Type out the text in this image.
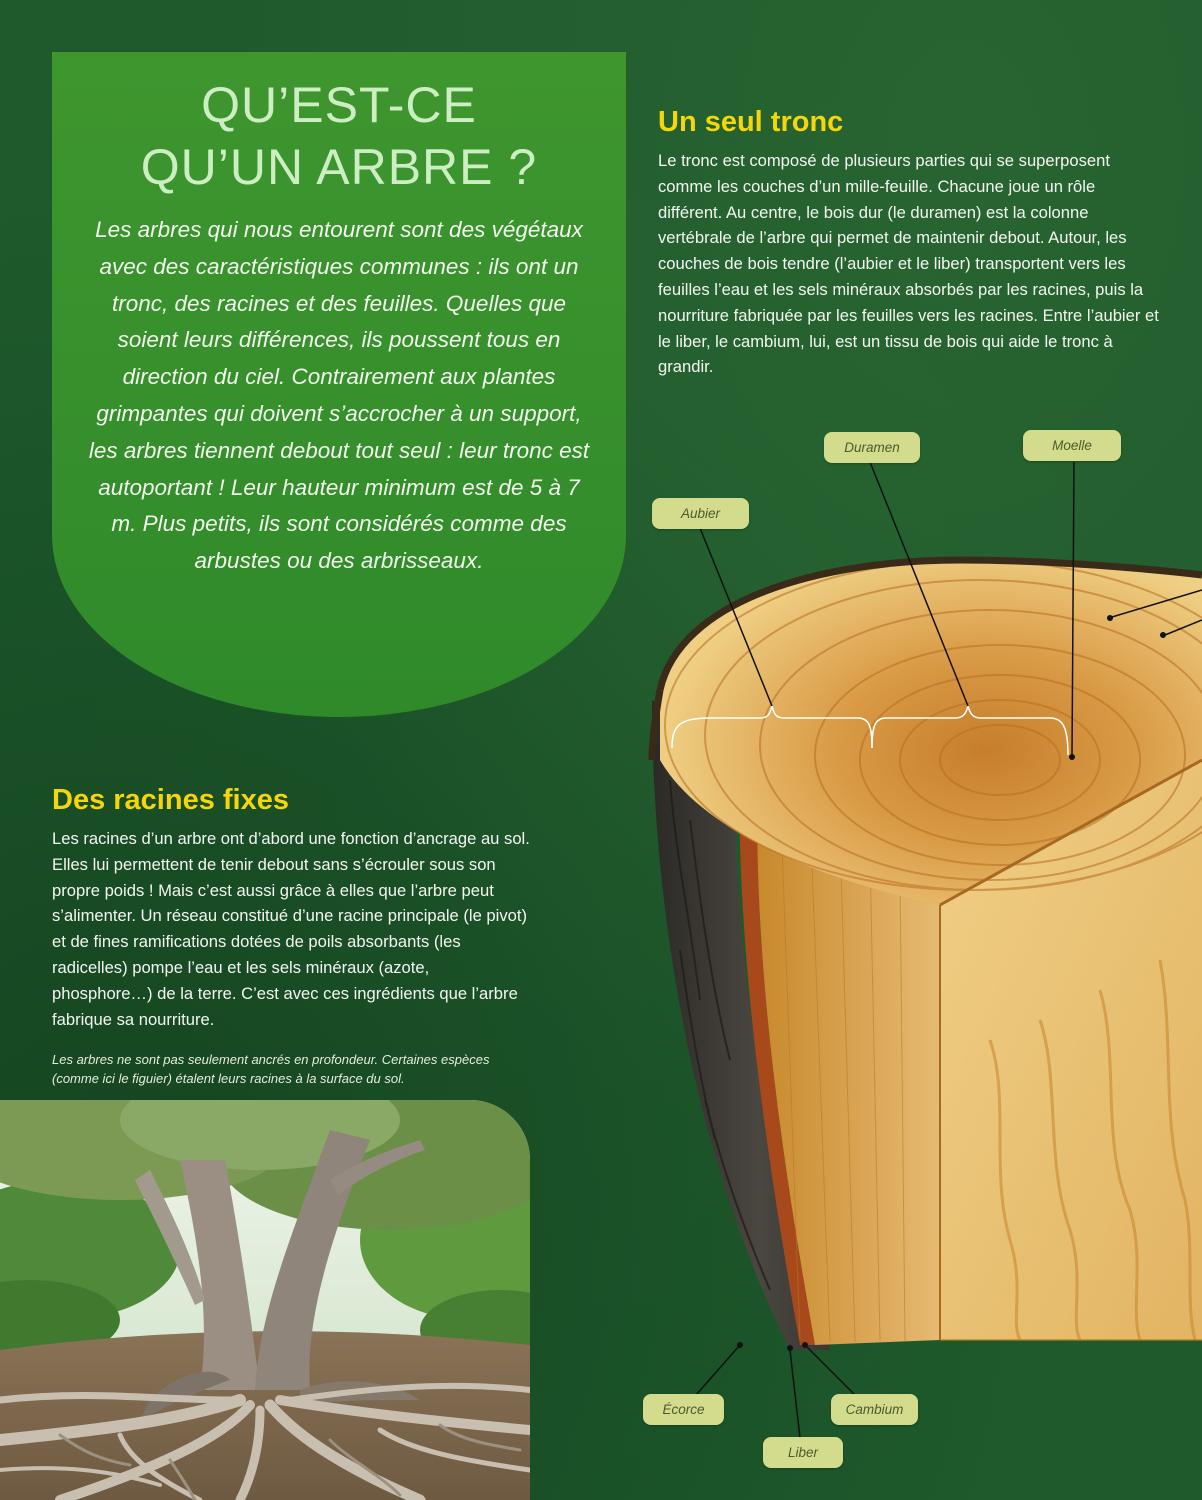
QU’EST-CE
QU’UN ARBRE ?

Les arbres qui nous entourent sont des végétaux avec des caractéristiques communes : ils ont un tronc, des racines et des feuilles. Quelles que soient leurs différences, ils poussent tous en direction du ciel. Contrairement aux plantes grimpantes qui doivent s’accrocher à un support, les arbres tiennent debout tout seul : leur tronc est autoportant ! Leur hauteur minimum est de 5 à 7 m. Plus petits, ils sont considérés comme des arbustes ou des arbrisseaux.

Un seul tronc

Le tronc est composé de plusieurs parties qui se superposent comme les couches d’un mille-feuille. Chacune joue un rôle différent. Au centre, le bois dur (le duramen) est la colonne vertébrale de l’arbre qui permet de maintenir debout. Autour, les couches de bois tendre (l’aubier et le liber) transportent vers les feuilles l’eau et les sels minéraux absorbés par les racines, puis la nourriture fabriquée par les feuilles vers les racines. Entre l’aubier et le liber, le cambium, lui, est un tissu de bois qui aide le tronc à grandir.

Des racines fixes

Les racines d’un arbre ont d’abord une fonction d’ancrage au sol. Elles lui permettent de tenir debout sans s’écrouler sous son propre poids ! Mais c’est aussi grâce à elles que l’arbre peut s’alimenter. Un réseau constitué d’une racine principale (le pivot) et de fines ramifications dotées de poils absorbants (les radicelles) pompe l’eau et les sels minéraux (azote, phosphore…) de la terre. C’est avec ces ingrédients que l’arbre fabrique sa nourriture.

Les arbres ne sont pas seulement ancrés en profondeur. Certaines espèces (comme ici le figuier) étalent leurs racines à la surface du sol.

Duramen	Moelle
Aubier
Écorce	Cambium
Liber
